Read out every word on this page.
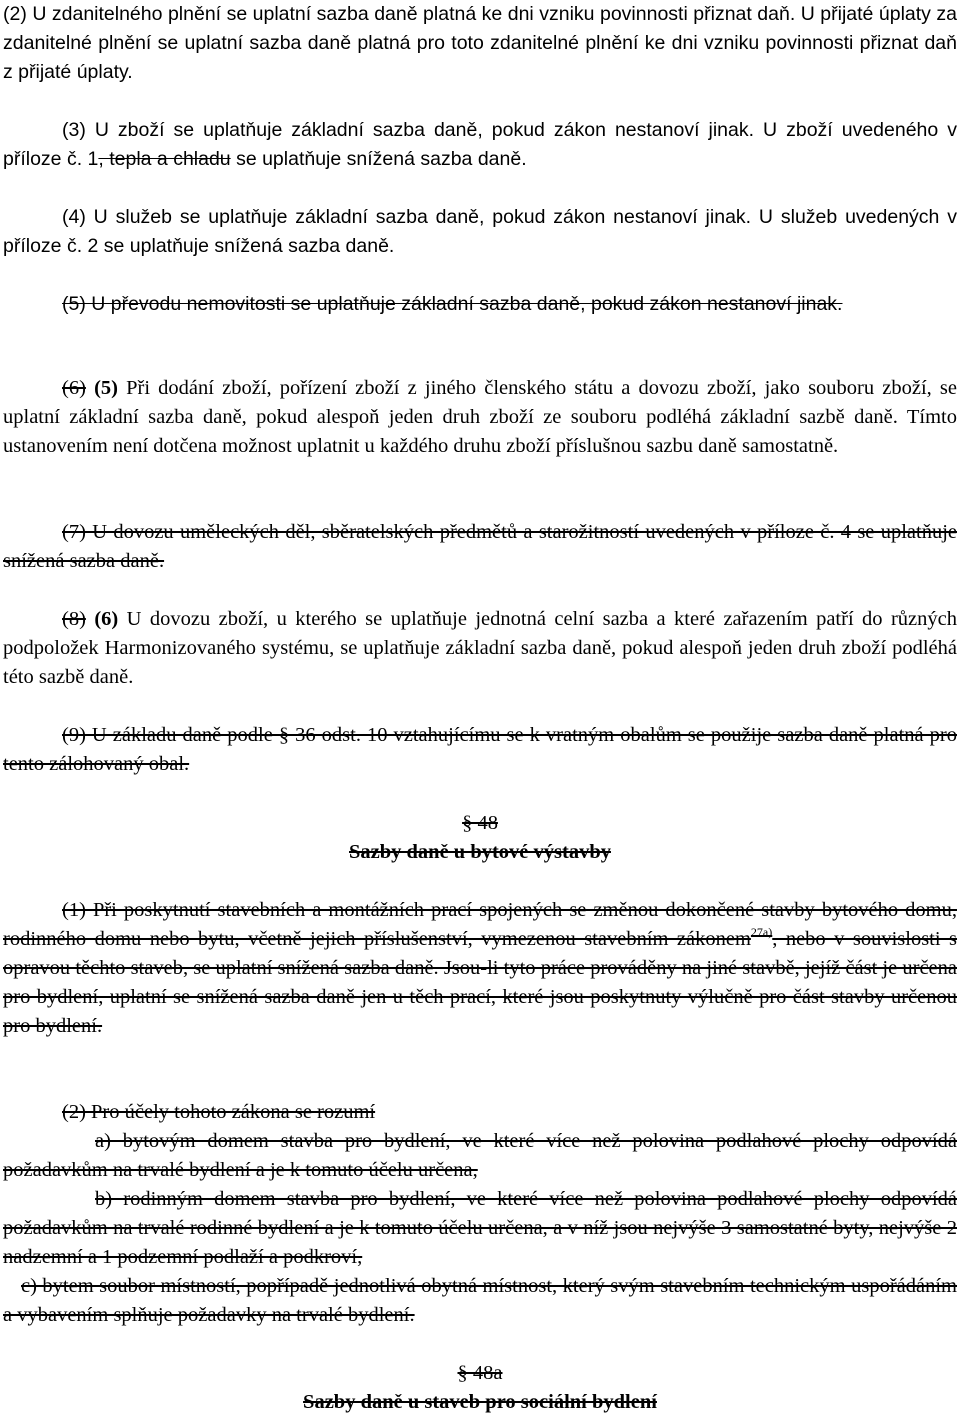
(2) U zdanitelného plnění se uplatní sazba daně platná ke dni vzniku povinnosti přiznat daň. U přijaté úplaty za zdanitelné plnění se uplatní sazba daně platná pro toto zdanitelné plnění ke dni vzniku povinnosti přiznat daň z přijaté úplaty.

(3) U zboží se uplatňuje základní sazba daně, pokud zákon nestanoví jinak. U zboží uvedeného v příloze č. 1, tepla a chladu se uplatňuje snížená sazba daně.

(4) U služeb se uplatňuje základní sazba daně, pokud zákon nestanoví jinak. U služeb uvedených v příloze č. 2 se uplatňuje snížená sazba daně.

(5) U převodu nemovitosti se uplatňuje základní sazba daně, pokud zákon nestanoví jinak.

(6) (5) Při dodání zboží, pořízení zboží z jiného členského státu a dovozu zboží, jako souboru zboží, se uplatní základní sazba daně, pokud alespoň jeden druh zboží ze souboru podléhá základní sazbě daně. Tímto ustanovením není dotčena možnost uplatnit u každého druhu zboží příslušnou sazbu daně samostatně.

(7) U dovozu uměleckých děl, sběratelských předmětů a starožitností uvedených v příloze č. 4 se uplatňuje snížená sazba daně.

(8) (6) U dovozu zboží, u kterého se uplatňuje jednotná celní sazba a které zařazením patří do různých podpoložek Harmonizovaného systému, se uplatňuje základní sazba daně, pokud alespoň jeden druh zboží podléhá této sazbě daně.

(9) U základu daně podle § 36 odst. 10 vztahujícímu se k vratným obalům se použije sazba daně platná pro tento zálohovaný obal.

§ 48

Sazby daně u bytové výstavby

(1) Při poskytnutí stavebních a montážních prací spojených se změnou dokončené stavby bytového domu, rodinného domu nebo bytu, včetně jejich příslušenství, vymezenou stavebním zákonem$^{27a)}$, nebo v souvislosti s opravou těchto staveb, se uplatní snížená sazba daně. Jsou-li tyto práce prováděny na jiné stavbě, jejíž část je určena pro bydlení, uplatní se snížená sazba daně jen u těch prací, které jsou poskytnuty výlučně pro část stavby určenou pro bydlení.

(2) Pro účely tohoto zákona se rozumí

a) bytovým domem stavba pro bydlení, ve které více než polovina podlahové plochy odpovídá požadavkům na trvalé bydlení a je k tomuto účelu určena,

b) rodinným domem stavba pro bydlení, ve které více než polovina podlahové plochy odpovídá požadavkům na trvalé rodinné bydlení a je k tomuto účelu určena, a v níž jsou nejvýše 3 samostatné byty, nejvýše 2 nadzemní a 1 podzemní podlaží a podkroví,

c) bytem soubor místností, popřípadě jednotlivá obytná místnost, který svým stavebním technickým uspořádáním a vybavením splňuje požadavky na trvalé bydlení.

§ 48a

Sazby daně u staveb pro sociální bydlení
